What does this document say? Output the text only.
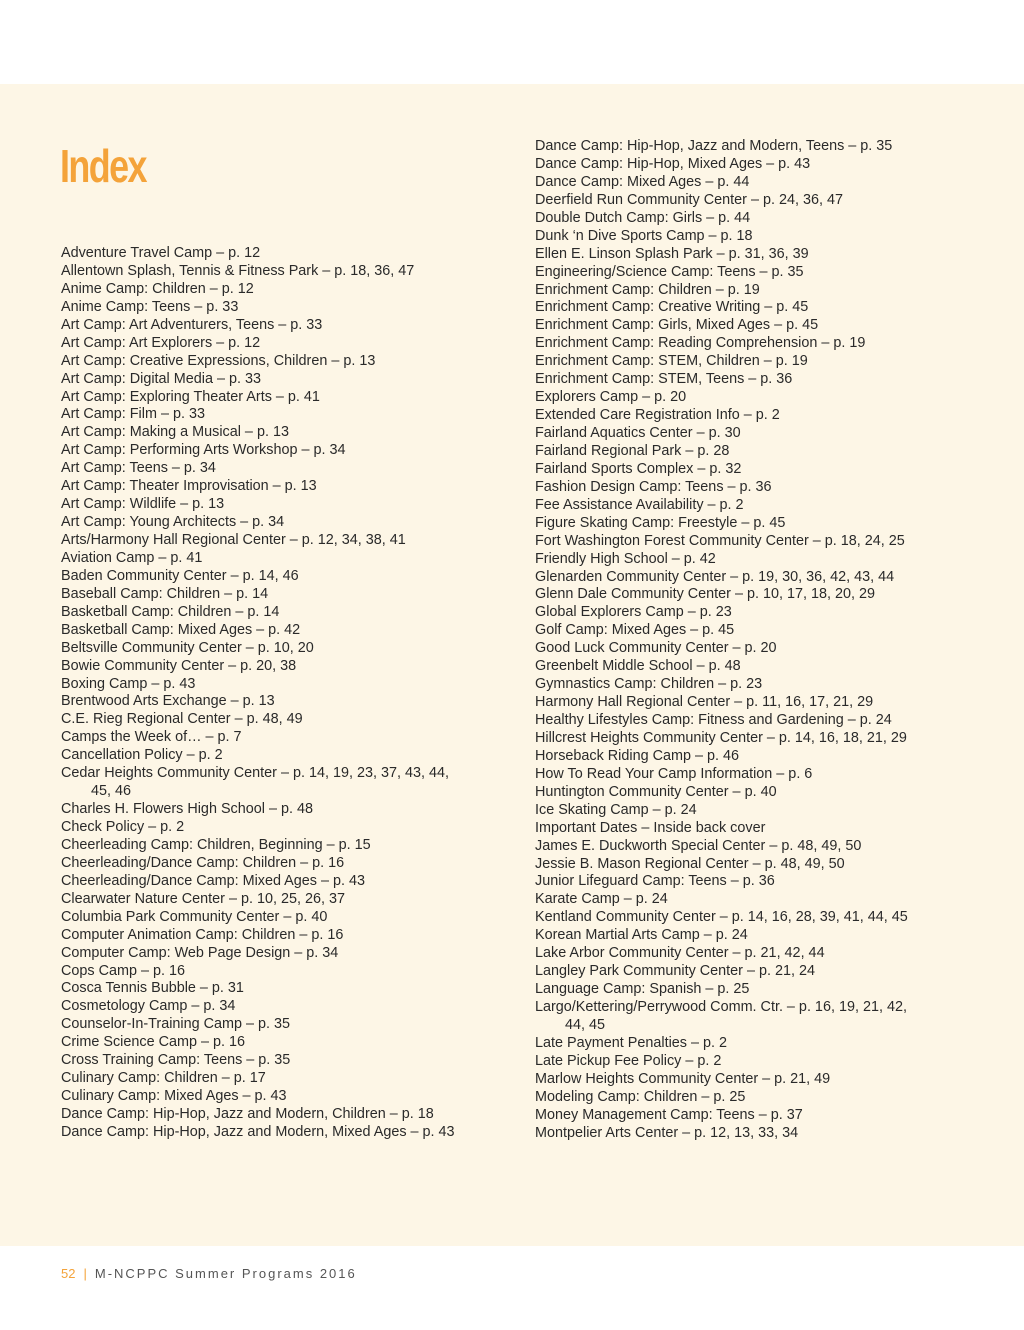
Index
Adventure Travel Camp – p. 12
Allentown Splash, Tennis & Fitness Park – p. 18, 36, 47
Anime Camp: Children – p. 12
Anime Camp: Teens – p. 33
Art Camp: Art Adventurers, Teens – p. 33
Art Camp: Art Explorers – p. 12
Art Camp: Creative Expressions, Children – p. 13
Art Camp: Digital Media – p. 33
Art Camp: Exploring Theater Arts – p. 41
Art Camp: Film – p. 33
Art Camp: Making a Musical – p. 13
Art Camp: Performing Arts Workshop – p. 34
Art Camp: Teens – p. 34
Art Camp: Theater Improvisation – p. 13
Art Camp: Wildlife – p. 13
Art Camp: Young Architects – p. 34
Arts/Harmony Hall Regional Center – p. 12, 34, 38, 41
Aviation Camp – p. 41
Baden Community Center – p. 14, 46
Baseball Camp: Children – p. 14
Basketball Camp: Children – p. 14
Basketball Camp: Mixed Ages – p. 42
Beltsville Community Center – p. 10, 20
Bowie Community Center – p. 20, 38
Boxing Camp – p. 43
Brentwood Arts Exchange – p. 13
C.E. Rieg Regional Center – p. 48, 49
Camps the Week of… – p. 7
Cancellation Policy – p. 2
Cedar Heights Community Center – p. 14, 19, 23, 37, 43, 44,
45, 46
Charles H. Flowers High School – p. 48
Check Policy – p. 2
Cheerleading Camp: Children, Beginning – p. 15
Cheerleading/Dance Camp: Children – p. 16
Cheerleading/Dance Camp: Mixed Ages – p. 43
Clearwater Nature Center – p. 10, 25, 26, 37
Columbia Park Community Center – p. 40
Computer Animation Camp: Children – p. 16
Computer Camp: Web Page Design – p. 34
Cops Camp – p. 16
Cosca Tennis Bubble – p. 31
Cosmetology Camp – p. 34
Counselor-In-Training Camp – p. 35
Crime Science Camp – p. 16
Cross Training Camp: Teens – p. 35
Culinary Camp: Children – p. 17
Culinary Camp: Mixed Ages – p. 43
Dance Camp: Hip-Hop, Jazz and Modern, Children – p. 18
Dance Camp: Hip-Hop, Jazz and Modern, Mixed Ages – p. 43
Dance Camp: Hip-Hop, Jazz and Modern, Teens – p. 35
Dance Camp: Hip-Hop, Mixed Ages – p. 43
Dance Camp: Mixed Ages – p. 44
Deerfield Run Community Center – p. 24, 36, 47
Double Dutch Camp: Girls – p. 44
Dunk ‘n Dive Sports Camp – p. 18
Ellen E. Linson Splash Park – p. 31, 36, 39
Engineering/Science Camp: Teens – p. 35
Enrichment Camp: Children – p. 19
Enrichment Camp: Creative Writing – p. 45
Enrichment Camp: Girls, Mixed Ages – p. 45
Enrichment Camp: Reading Comprehension – p. 19
Enrichment Camp: STEM, Children – p. 19
Enrichment Camp: STEM, Teens – p. 36
Explorers Camp – p. 20
Extended Care Registration Info – p. 2
Fairland Aquatics Center – p. 30
Fairland Regional Park – p. 28
Fairland Sports Complex – p. 32
Fashion Design Camp: Teens – p. 36
Fee Assistance Availability – p. 2
Figure Skating Camp: Freestyle – p. 45
Fort Washington Forest Community Center – p. 18, 24, 25
Friendly High School – p. 42
Glenarden Community Center – p. 19, 30, 36, 42, 43, 44
Glenn Dale Community Center – p. 10, 17, 18, 20, 29
Global Explorers Camp – p. 23
Golf Camp: Mixed Ages – p. 45
Good Luck Community Center – p. 20
Greenbelt Middle School – p. 48
Gymnastics Camp: Children – p. 23
Harmony Hall Regional Center – p. 11, 16, 17, 21, 29
Healthy Lifestyles Camp: Fitness and Gardening – p. 24
Hillcrest Heights Community Center – p. 14, 16, 18, 21, 29
Horseback Riding Camp – p. 46
How To Read Your Camp Information – p. 6
Huntington Community Center – p. 40
Ice Skating Camp – p. 24
Important Dates – Inside back cover
James E. Duckworth Special Center – p. 48, 49, 50
Jessie B. Mason Regional Center – p. 48, 49, 50
Junior Lifeguard Camp: Teens – p. 36
Karate Camp – p. 24
Kentland Community Center – p. 14, 16, 28, 39, 41, 44, 45
Korean Martial Arts Camp – p. 24
Lake Arbor Community Center – p. 21, 42, 44
Langley Park Community Center – p. 21, 24
Language Camp: Spanish – p. 25
Largo/Kettering/Perrywood Comm. Ctr. – p. 16, 19, 21, 42,
44, 45
Late Payment Penalties – p. 2
Late Pickup Fee Policy – p. 2
Marlow Heights Community Center – p. 21, 49
Modeling Camp: Children – p. 25
Money Management Camp: Teens – p. 37
Montpelier Arts Center – p. 12, 13, 33, 34
52 | M-NCPPC Summer Programs 2016
